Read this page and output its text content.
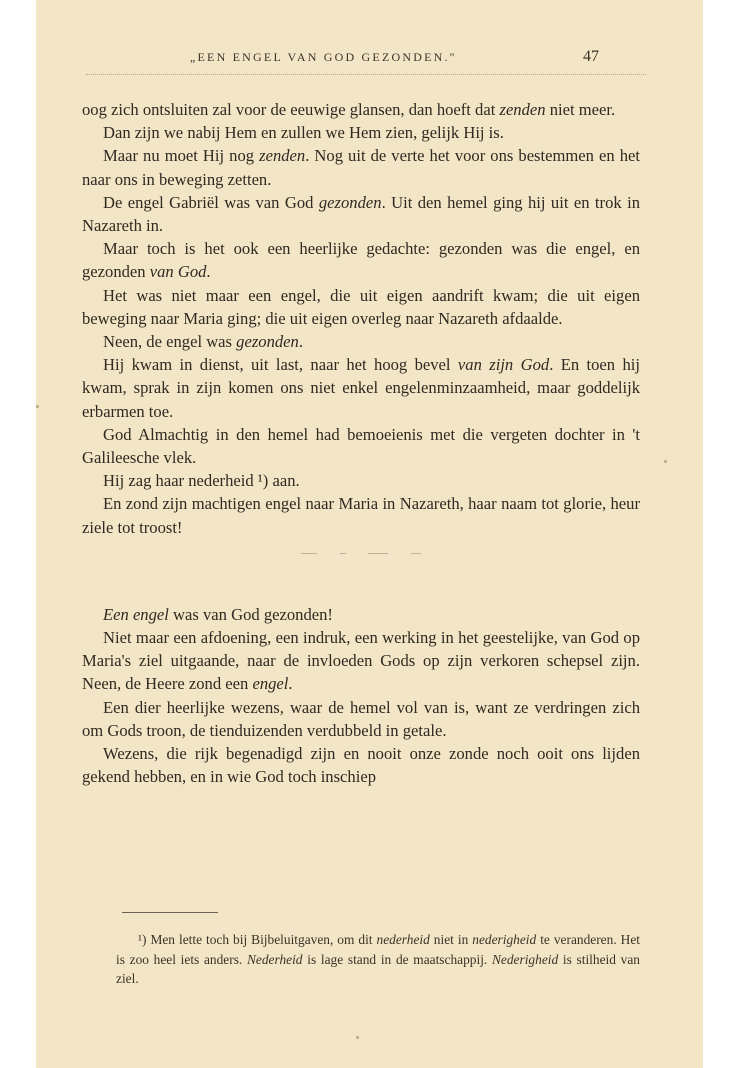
„EEN ENGEL VAN GOD GEZONDEN."	47

oog zich ontsluiten zal voor de eeuwige glansen, dan hoeft dat zenden niet meer.

Dan zijn we nabij Hem en zullen we Hem zien, gelijk Hij is.

Maar nu moet Hij nog zenden. Nog uit de verte het voor ons bestemmen en het naar ons in beweging zetten.

De engel Gabriël was van God gezonden. Uit den hemel ging hij uit en trok in Nazareth in.

Maar toch is het ook een heerlijke gedachte: gezonden was die engel, en gezonden van God.

Het was niet maar een engel, die uit eigen aandrift kwam; die uit eigen beweging naar Maria ging; die uit eigen overleg naar Nazareth afdaalde.

Neen, de engel was gezonden.

Hij kwam in dienst, uit last, naar het hoog bevel van zijn God. En toen hij kwam, sprak in zijn komen ons niet enkel engelenminzaamheid, maar goddelijk erbarmen toe.

God Almachtig in den hemel had bemoeienis met die vergeten dochter in 't Galileesche vlek.

Hij zag haar nederheid ¹) aan.

En zond zijn machtigen engel naar Maria in Nazareth, haar naam tot glorie, heur ziele tot troost!

Een engel was van God gezonden!

Niet maar een afdoening, een indruk, een werking in het geestelijke, van God op Maria's ziel uitgaande, naar de invloeden Gods op zijn verkoren schepsel zijn. Neen, de Heere zond een engel.

Een dier heerlijke wezens, waar de hemel vol van is, want ze verdringen zich om Gods troon, de tienduizenden verdubbeld in getale.

Wezens, die rijk begenadigd zijn en nooit onze zonde noch ooit ons lijden gekend hebben, en in wie God toch inschiep

¹) Men lette toch bij Bijbeluitgaven, om dit nederheid niet in nederigheid te veranderen. Het is zoo heel iets anders. Nederheid is lage stand in de maatschappij. Nederigheid is stilheid van ziel.
